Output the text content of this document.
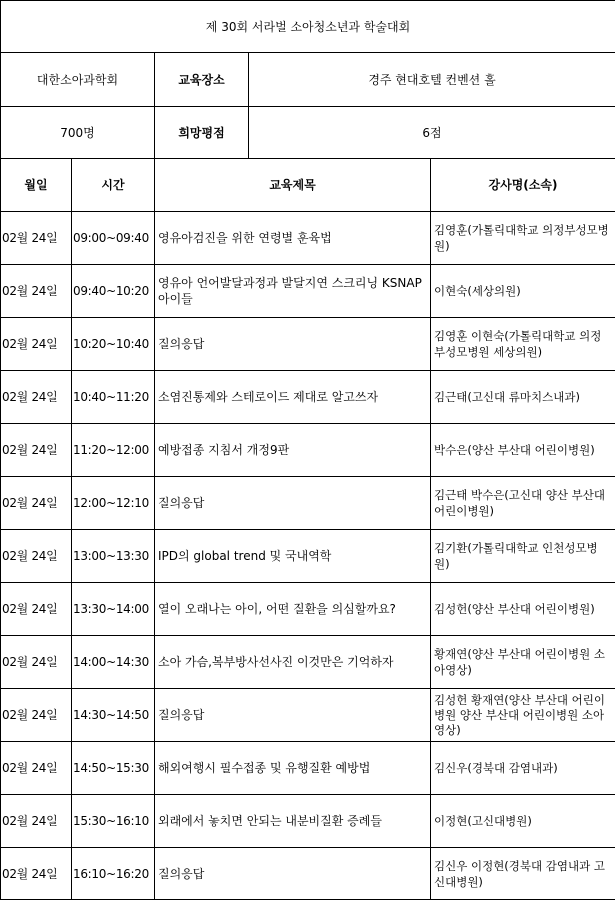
제 30회 서라벌 소아청소년과 학술대회				
대한소아과학회		교육장소	경주 현대호텔 컨벤션 홀	
700명		희망평점	6점	
월일	시간	교육제목		강사명(소속)
02월 24일	09:00~09:40	영유아검진을 위한 연령별 훈육법		김영훈(가톨릭대학교 의정부성모병원)
02월 24일	09:40~10:20	영유아 언어발달과정과 발달지연 스크리닝 KSNAP 아이들		이현숙(세상의원)
02월 24일	10:20~10:40	질의응답		김영훈 이현숙(가톨릭대학교 의정부성모병원 세상의원)
02월 24일	10:40~11:20	소염진통제와 스테로이드 제대로 알고쓰자		김근태(고신대 류마치스내과)
02월 24일	11:20~12:00	예방접종 지침서 개정9판		박수은(양산 부산대 어린이병원)
02월 24일	12:00~12:10	질의응답		김근태 박수은(고신대 양산 부산대 어린이병원)
02월 24일	13:00~13:30	IPD의 global trend 및 국내역학		김기환(가톨릭대학교 인천성모병원)
02월 24일	13:30~14:00	열이 오래나는 아이, 어떤 질환을 의심할까요?		김성헌(양산 부산대 어린이병원)
02월 24일	14:00~14:30	소아 가슴,복부방사선사진 이것만은 기억하자		황재연(양산 부산대 어린이병원 소아영상)
02월 24일	14:30~14:50	질의응답		김성헌 황재연(양산 부산대 어린이병원 양산 부산대 어린이병원 소아영상)
02월 24일	14:50~15:30	해외여행시 필수접종 및 유행질환 예방법		김신우(경북대 감염내과)
02월 24일	15:30~16:10	외래에서 놓치면 안되는 내분비질환 증례들		이정현(고신대병원)
02월 24일	16:10~16:20	질의응답		김신우 이정현(경북대 감염내과 고신대병원)
